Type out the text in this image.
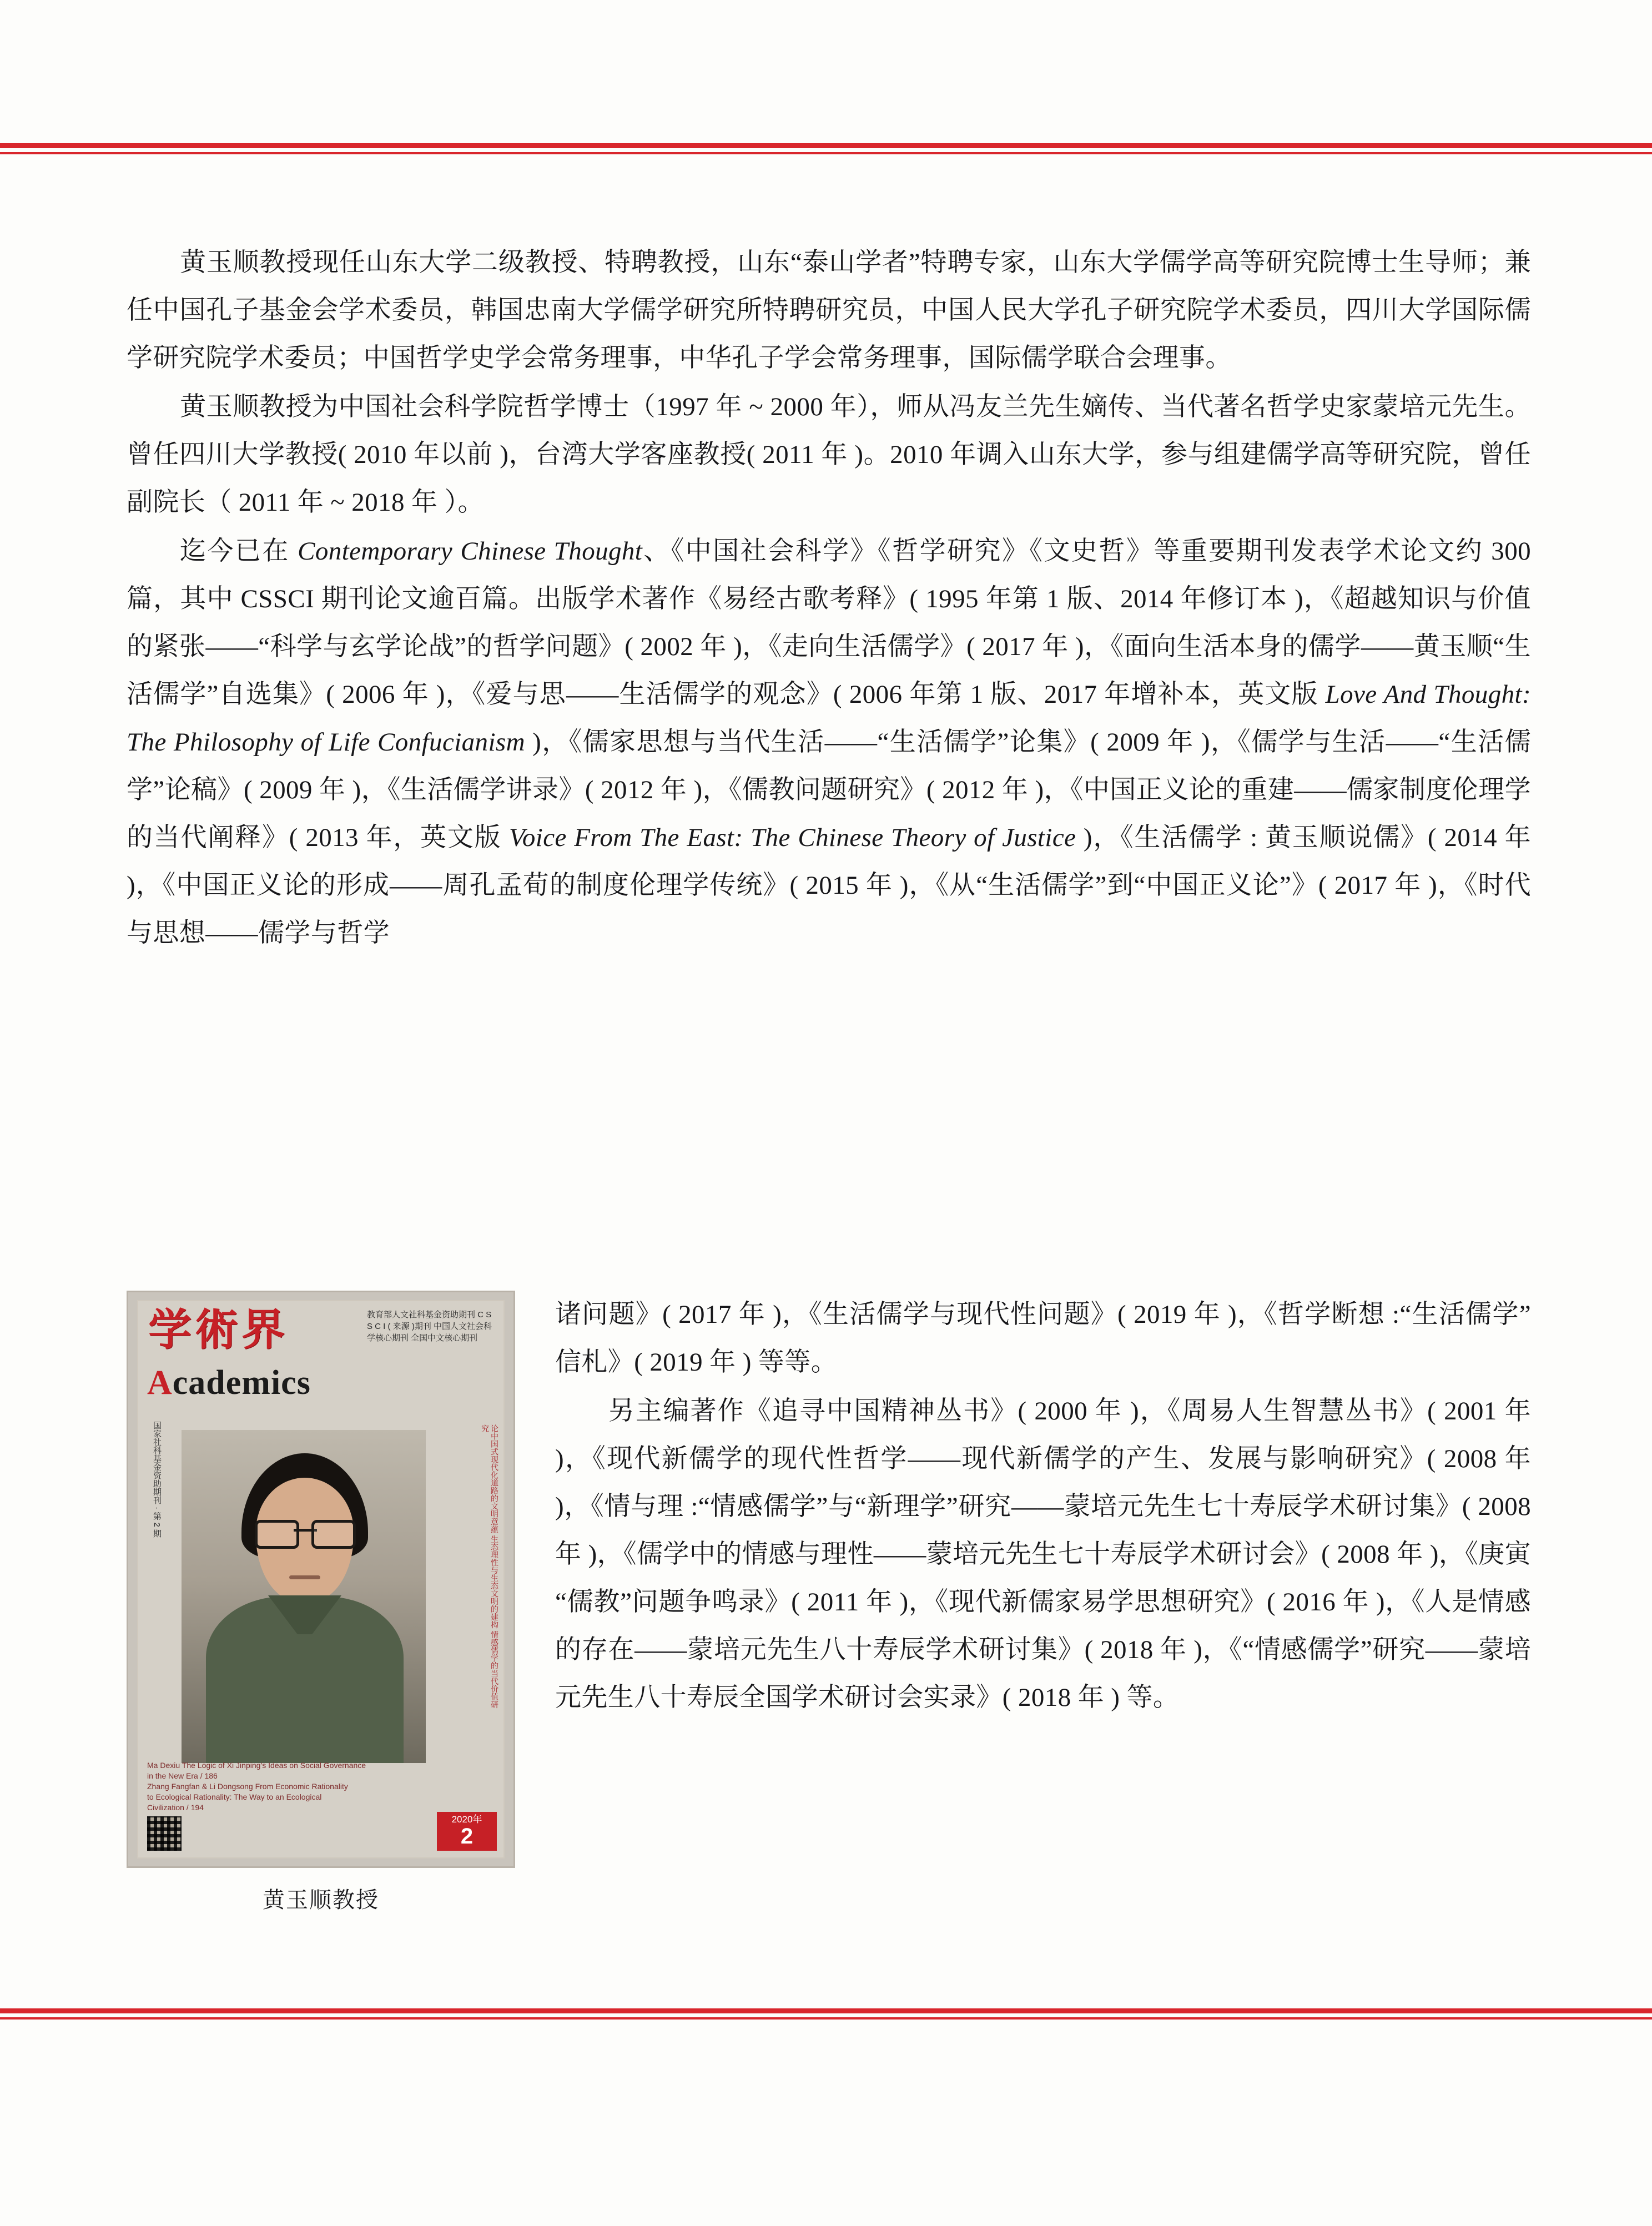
黄玉顺教授现任山东大学二级教授、特聘教授，山东“泰山学者”特聘专家，山东大学儒学高等研究院博士生导师；兼任中国孔子基金会学术委员，韩国忠南大学儒学研究所特聘研究员，中国人民大学孔子研究院学术委员，四川大学国际儒学研究院学术委员；中国哲学史学会常务理事，中华孔子学会常务理事，国际儒学联合会理事。

黄玉顺教授为中国社会科学院哲学博士（1997 年 ~ 2000 年），师从冯友兰先生嫡传、当代著名哲学史家蒙培元先生。曾任四川大学教授( 2010 年以前 )，台湾大学客座教授( 2011 年 )。2010 年调入山东大学，参与组建儒学高等研究院，曾任副院长（ 2011 年 ~ 2018 年 ）。

迄今已在 Contemporary Chinese Thought、《中国社会科学》《哲学研究》《文史哲》等重要期刊发表学术论文约 300 篇，其中 CSSCI 期刊论文逾百篇。出版学术著作《易经古歌考释》( 1995 年第 1 版、2014 年修订本 )，《超越知识与价值的紧张——“科学与玄学论战”的哲学问题》( 2002 年 )，《走向生活儒学》( 2017 年 )，《面向生活本身的儒学——黄玉顺“生活儒学”自选集》( 2006 年 )，《爱与思——生活儒学的观念》( 2006 年第 1 版、2017 年增补本，英文版 Love And Thought: The Philosophy of Life Confucianism )，《儒家思想与当代生活——“生活儒学”论集》( 2009 年 )，《儒学与生活——“生活儒学”论稿》( 2009 年 )，《生活儒学讲录》( 2012 年 )，《儒教问题研究》( 2012 年 )，《中国正义论的重建——儒家制度伦理学的当代阐释》( 2013 年，英文版 Voice From The East: The Chinese Theory of Justice )，《生活儒学 : 黄玉顺说儒》( 2014 年 )，《中国正义论的形成——周孔孟荀的制度伦理学传统》( 2015 年 )，《从“生活儒学”到“中国正义论”》( 2017 年 )，《时代与思想——儒学与哲学

学術界
Academics
教育部人文社科基金资助期刊 C S S C I ( 来源 )期刊 中国人文社会科学核心期刊 全国中文核心期刊
国家社科基金资助期刊 · 第 2 期	论中国式现代化道路的文明意蕴 生态理性与生态文明的建构 情感儒学的当代价值研究
Ma Dexiu The Logic of Xi Jinping’s Ideas on Social Governance
in the New Era / 186
Zhang Fangfan & Li Dongsong From Economic Rationality
to Ecological Rationality: The Way to an Ecological
Civilization / 194
2020年
2
黄玉顺教授

诸问题》( 2017 年 )，《生活儒学与现代性问题》( 2019 年 )，《哲学断想 :“生活儒学”信札》( 2019 年 ) 等等。

另主编著作《追寻中国精神丛书》( 2000 年 )，《周易人生智慧丛书》( 2001 年 )，《现代新儒学的现代性哲学——现代新儒学的产生、发展与影响研究》( 2008 年 )，《情与理 :“情感儒学”与“新理学”研究——蒙培元先生七十寿辰学术研讨集》( 2008 年 )，《儒学中的情感与理性——蒙培元先生七十寿辰学术研讨会》( 2008 年 )，《庚寅“儒教”问题争鸣录》( 2011 年 )，《现代新儒家易学思想研究》( 2016 年 )，《人是情感的存在——蒙培元先生八十寿辰学术研讨集》( 2018 年 )，《“情感儒学”研究——蒙培元先生八十寿辰全国学术研讨会实录》( 2018 年 ) 等。
